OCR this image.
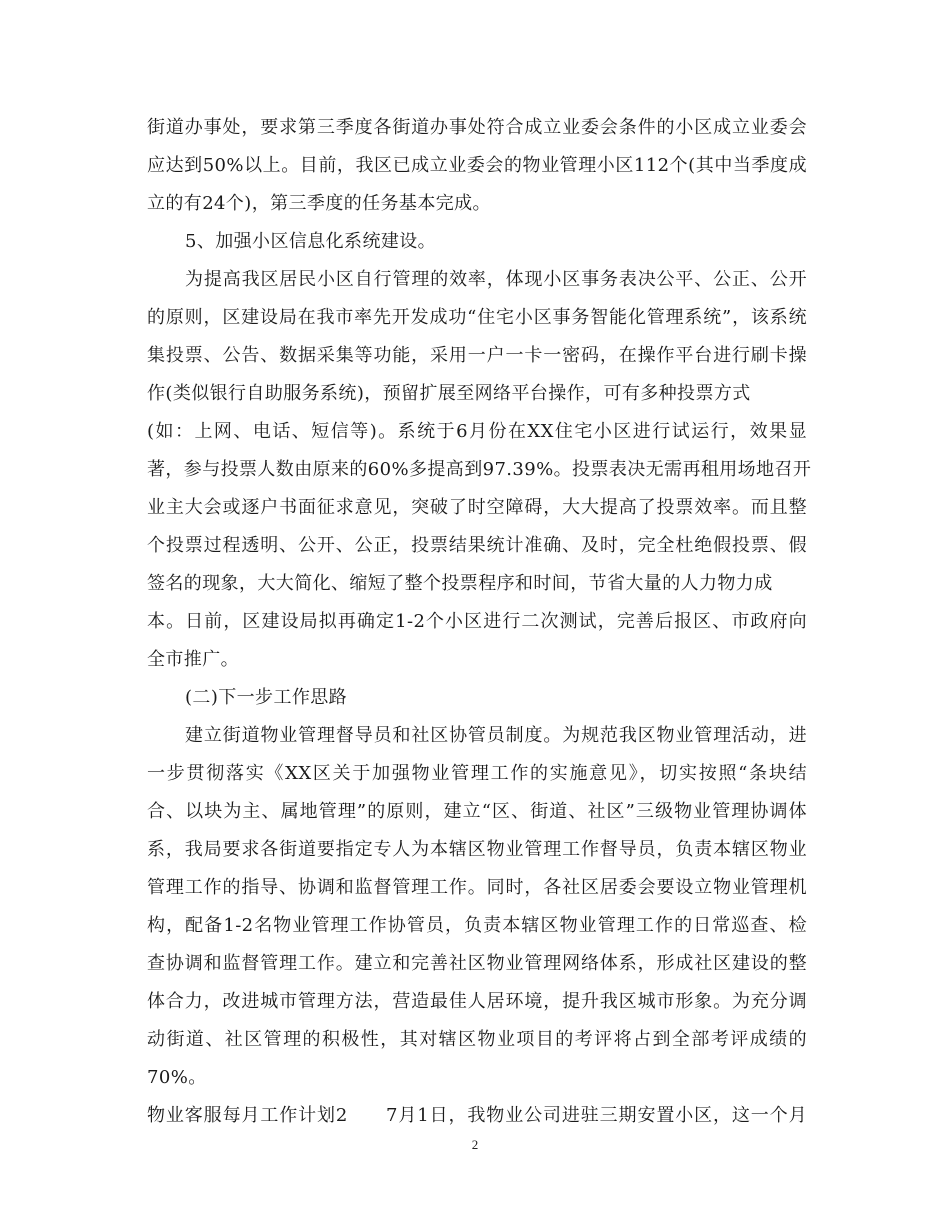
街道办事处，要求第三季度各街道办事处符合成立业委会条件的小区成立业委会
应达到50%以上。目前，我区已成立业委会的物业管理小区112个(其中当季度成
立的有24个)，第三季度的任务基本完成。
5、加强小区信息化系统建设。
为提高我区居民小区自行管理的效率，体现小区事务表决公平、公正、公开
的原则，区建设局在我市率先开发成功“住宅小区事务智能化管理系统”，该系统
集投票、公告、数据采集等功能，采用一户一卡一密码，在操作平台进行刷卡操
作(类似银行自助服务系统)，预留扩展至网络平台操作，可有多种投票方式
(如：上网、电话、短信等)。系统于6月份在XX住宅小区进行试运行，效果显
著，参与投票人数由原来的60%多提高到97.39%。投票表决无需再租用场地召开
业主大会或逐户书面征求意见，突破了时空障碍，大大提高了投票效率。而且整
个投票过程透明、公开、公正，投票结果统计准确、及时，完全杜绝假投票、假
签名的现象，大大简化、缩短了整个投票程序和时间，节省大量的人力物力成
本。日前，区建设局拟再确定1-2个小区进行二次测试，完善后报区、市政府向
全市推广。
(二)下一步工作思路
建立街道物业管理督导员和社区协管员制度。为规范我区物业管理活动，进
一步贯彻落实《XX区关于加强物业管理工作的实施意见》，切实按照“条块结
合、以块为主、属地管理”的原则，建立“区、街道、社区”三级物业管理协调体
系，我局要求各街道要指定专人为本辖区物业管理工作督导员，负责本辖区物业
管理工作的指导、协调和监督管理工作。同时，各社区居委会要设立物业管理机
构，配备1-2名物业管理工作协管员，负责本辖区物业管理工作的日常巡查、检
查协调和监督管理工作。建立和完善社区物业管理网络体系，形成社区建设的整
体合力，改进城市管理方法，营造最佳人居环境，提升我区城市形象。为充分调
动街道、社区管理的积极性，其对辖区物业项目的考评将占到全部考评成绩的
70%。
物业客服每月工作计划2　　7月1日，我物业公司进驻三期安置小区，这一个月
2
